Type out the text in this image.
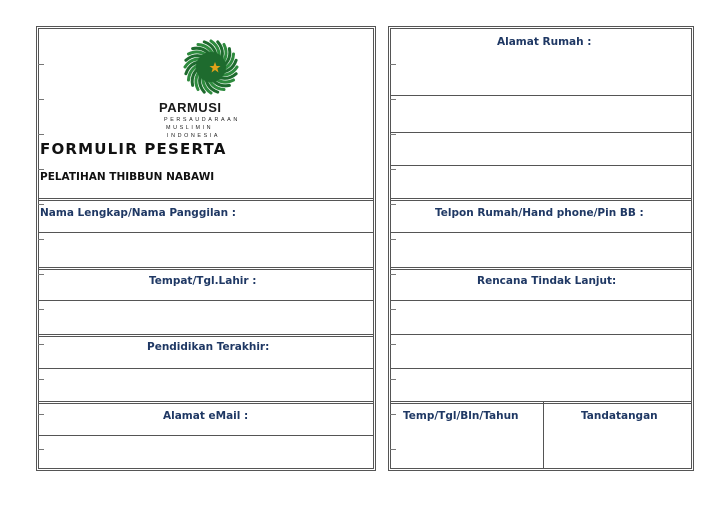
PARMUSI
PERSAUDARAAN
MUSLIMIN
INDONESIA
FORMULIR PESERTA
PELATIHAN THIBBUN NABAWI
Nama Lengkap/Nama Panggilan :
Tempat/Tgl.Lahir :
Pendidikan Terakhir:
Alamat eMail :
Alamat Rumah :
Telpon Rumah/Hand phone/Pin BB :
Rencana Tindak Lanjut:
Temp/Tgl/Bln/Tahun	Tandatangan
